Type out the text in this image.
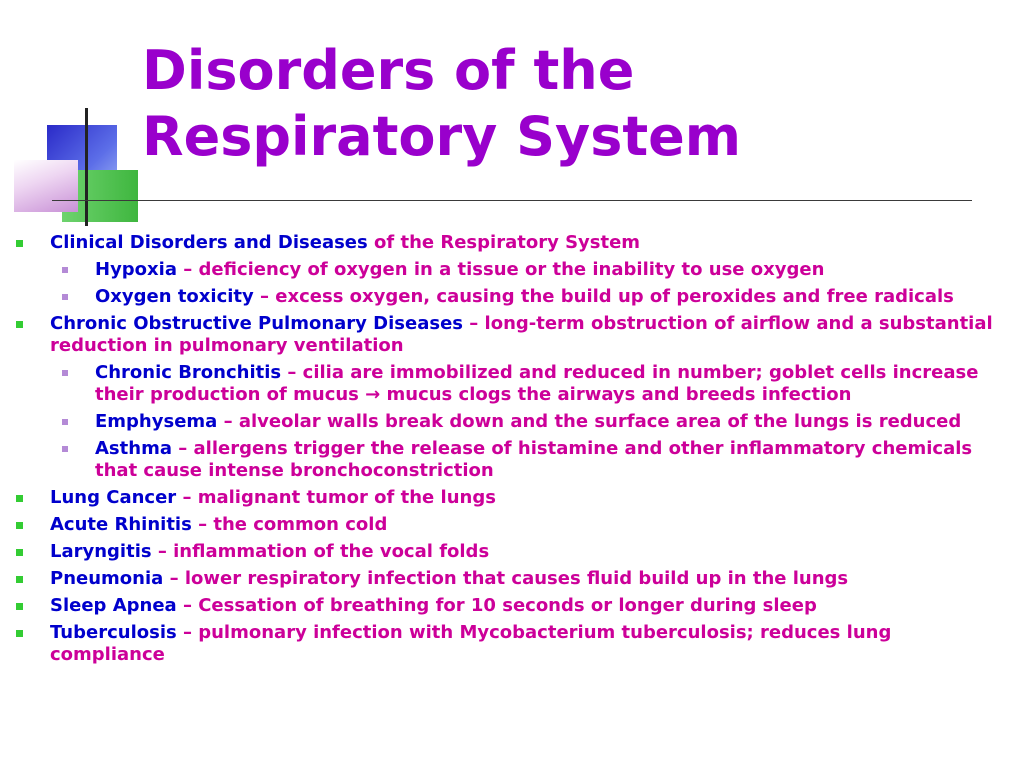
Disorders of the
Respiratory System
Clinical Disorders and Diseases of the Respiratory System
Hypoxia – deficiency of oxygen in a tissue or the inability to use oxygen
Oxygen toxicity – excess oxygen, causing the build up of peroxides and free radicals
Chronic Obstructive Pulmonary Diseases – long-term obstruction of airflow and a substantial reduction in pulmonary ventilation
Chronic Bronchitis – cilia are immobilized and reduced in number; goblet cells increase their production of mucus → mucus clogs the airways and breeds infection
Emphysema – alveolar walls break down and the surface area of the lungs is reduced
Asthma – allergens trigger the release of histamine and other inflammatory chemicals that cause intense bronchoconstriction
Lung Cancer – malignant tumor of the lungs
Acute Rhinitis – the common cold
Laryngitis – inflammation of the vocal folds
Pneumonia – lower respiratory infection that causes fluid build up in the lungs
Sleep Apnea – Cessation of breathing for 10 seconds or longer during sleep
Tuberculosis – pulmonary infection with Mycobacterium tuberculosis; reduces lung compliance
